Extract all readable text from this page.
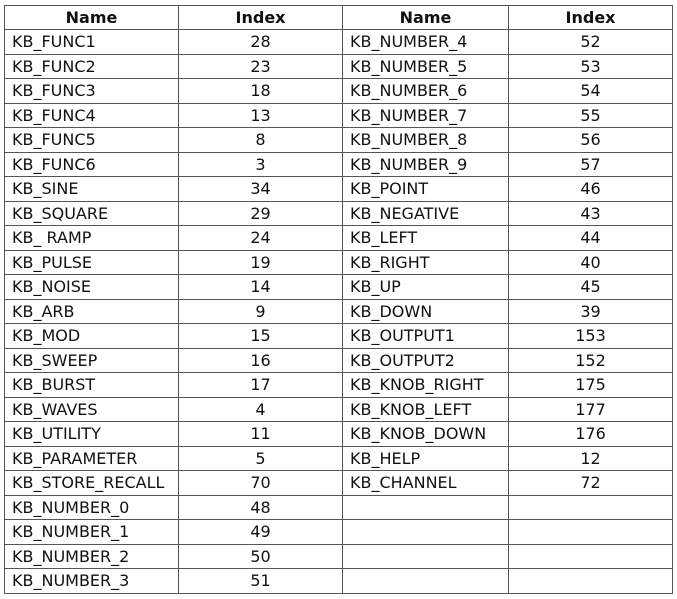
Name	Index	Name	Index
KB_FUNC1	28	KB_NUMBER_4	52
KB_FUNC2	23	KB_NUMBER_5	53
KB_FUNC3	18	KB_NUMBER_6	54
KB_FUNC4	13	KB_NUMBER_7	55
KB_FUNC5	8	KB_NUMBER_8	56
KB_FUNC6	3	KB_NUMBER_9	57
KB_SINE	34	KB_POINT	46
KB_SQUARE	29	KB_NEGATIVE	43
KB_ RAMP	24	KB_LEFT	44
KB_PULSE	19	KB_RIGHT	40
KB_NOISE	14	KB_UP	45
KB_ARB	9	KB_DOWN	39
KB_MOD	15	KB_OUTPUT1	153
KB_SWEEP	16	KB_OUTPUT2	152
KB_BURST	17	KB_KNOB_RIGHT	175
KB_WAVES	4	KB_KNOB_LEFT	177
KB_UTILITY	11	KB_KNOB_DOWN	176
KB_PARAMETER	5	KB_HELP	12
KB_STORE_RECALL	70	KB_CHANNEL	72
KB_NUMBER_0	48		
KB_NUMBER_1	49		
KB_NUMBER_2	50		
KB_NUMBER_3	51		
